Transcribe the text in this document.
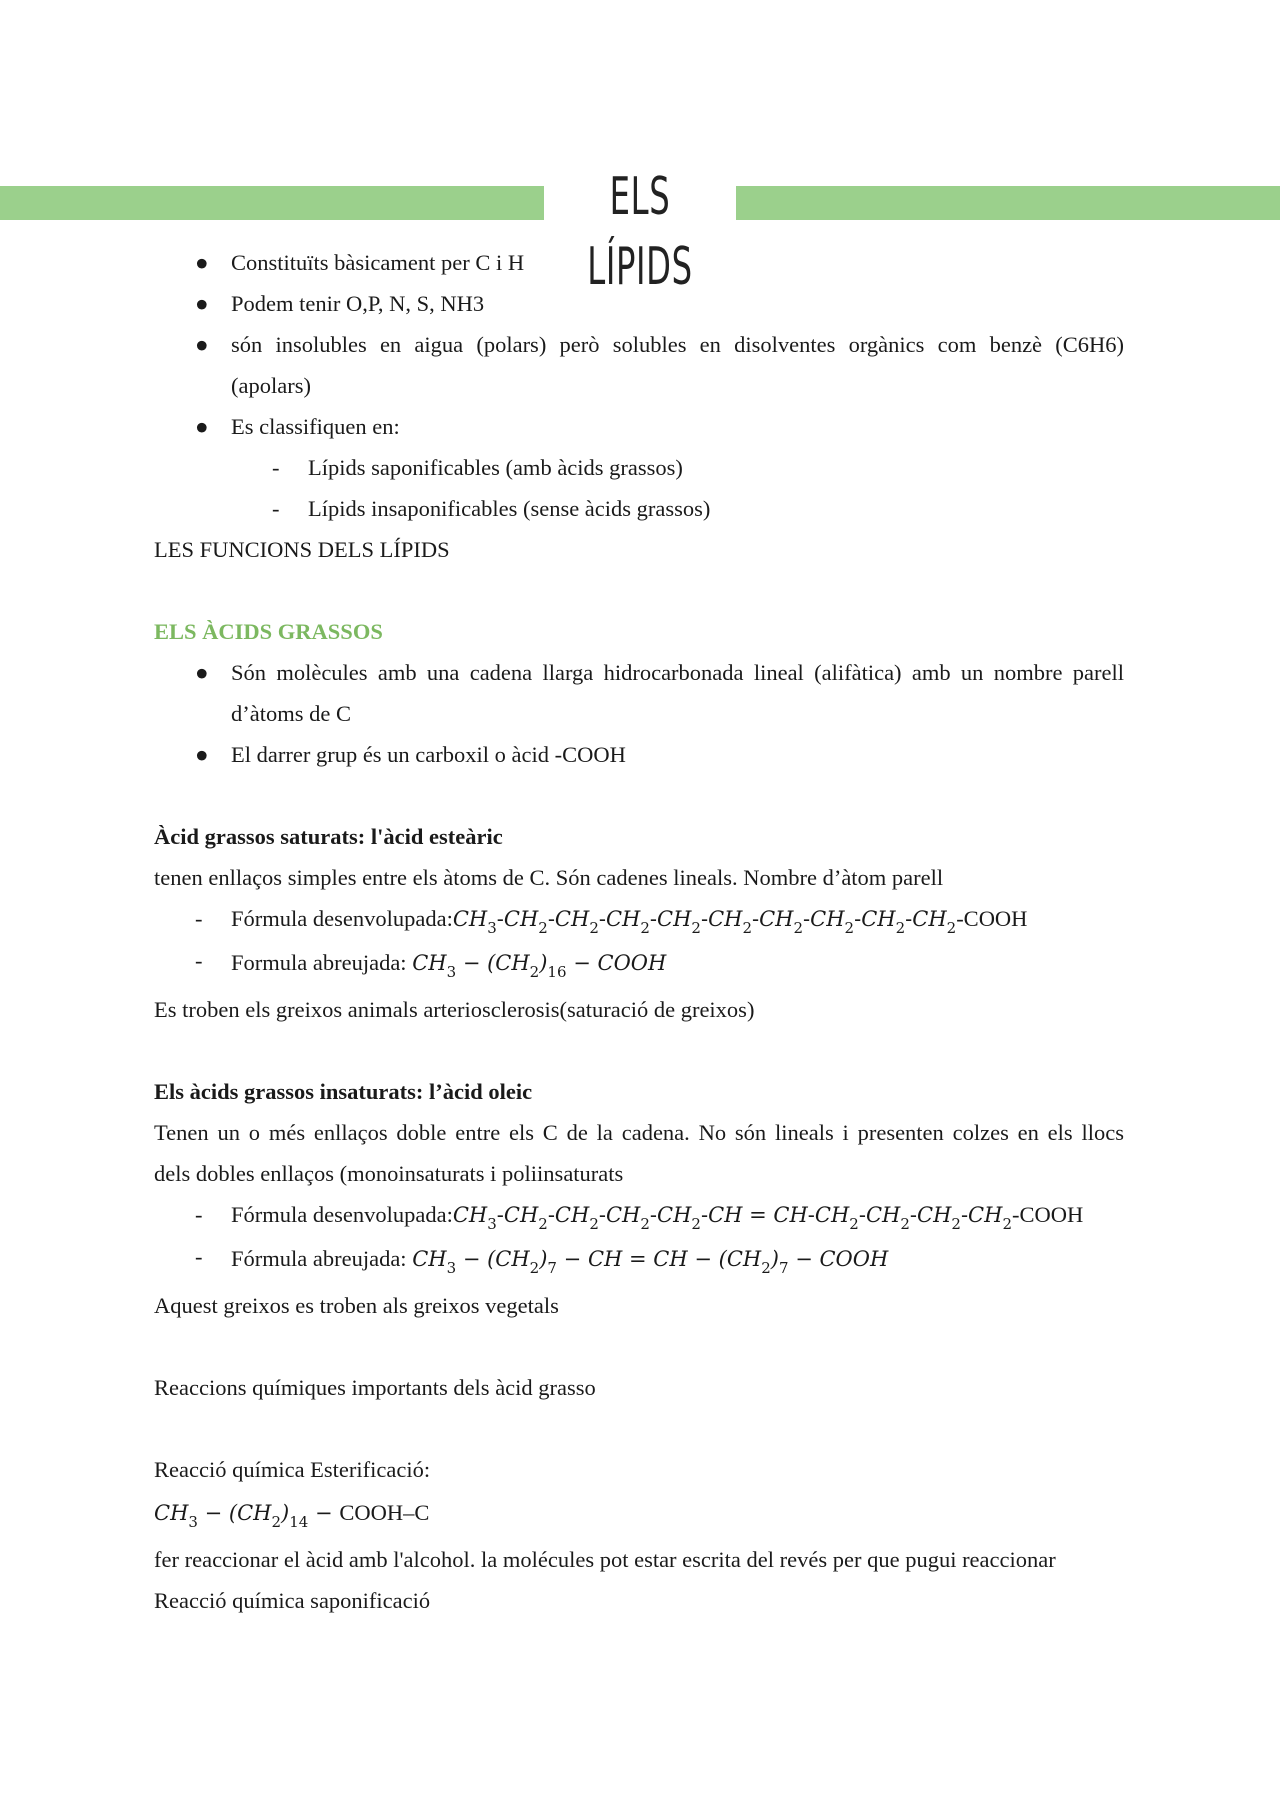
ELS LÍPIDS
● Constituïts bàsicament per C i H
● Podem tenir O,P, N, S, NH3
● són insolubles en aigua (polars) però solubles en disolventes orgànics com benzè (C6H6)
(apolars)
● Es classifiquen en:
- Lípids saponificables (amb àcids grassos)
- Lípids insaponificables (sense àcids grassos)
LES FUNCIONS DELS LÍPIDS
ELS ÀCIDS GRASSOS
● Són molècules amb una cadena llarga hidrocarbonada lineal (alifàtica) amb un nombre parell
d’àtoms de C
● El darrer grup és un carboxil o àcid -COOH
Àcid grassos saturats: l'àcid esteàric
tenen enllaços simples entre els àtoms de C. Són cadenes lineals. Nombre d’àtom parell
- Fórmula $desenvolupada:CH_3-CH_2-CH_2-CH_2-CH_2-CH_2-CH_2-CH_2-CH_2-CH_2$-COOH
- Formula abreujada: $CH_3 - (CH_2)_{16}$ − COOH
Es troben els greixos animals arteriosclerosis(saturació de greixos)
Els àcids grassos insaturats: l’àcid oleic
Tenen un o més enllaços doble entre els C de la cadena. No són lineals i presenten colzes en els llocs
dels dobles enllaços (monoinsaturats i poliinsaturats
- Fórmula $desenvolupada:CH_3-CH_2-CH_2-CH_2-CH_2-CH$ = $CH-CH_2-CH_2-CH_2-CH_2$-COOH
- Fórmula abreujada: $CH_3 - (CH_2)_7$ − CH = CH − $(CH_2)_7$ − COOH
Aquest greixos es troben als greixos vegetals
Reaccions químiques importants dels àcid grasso
Reacció química Esterificació:
$CH_3 - (CH_2)_{14}$ − COOH–C
fer reaccionar el àcid amb l'alcohol. la molécules pot estar escrita del revés per que pugui reaccionar
Reacció química saponificació
